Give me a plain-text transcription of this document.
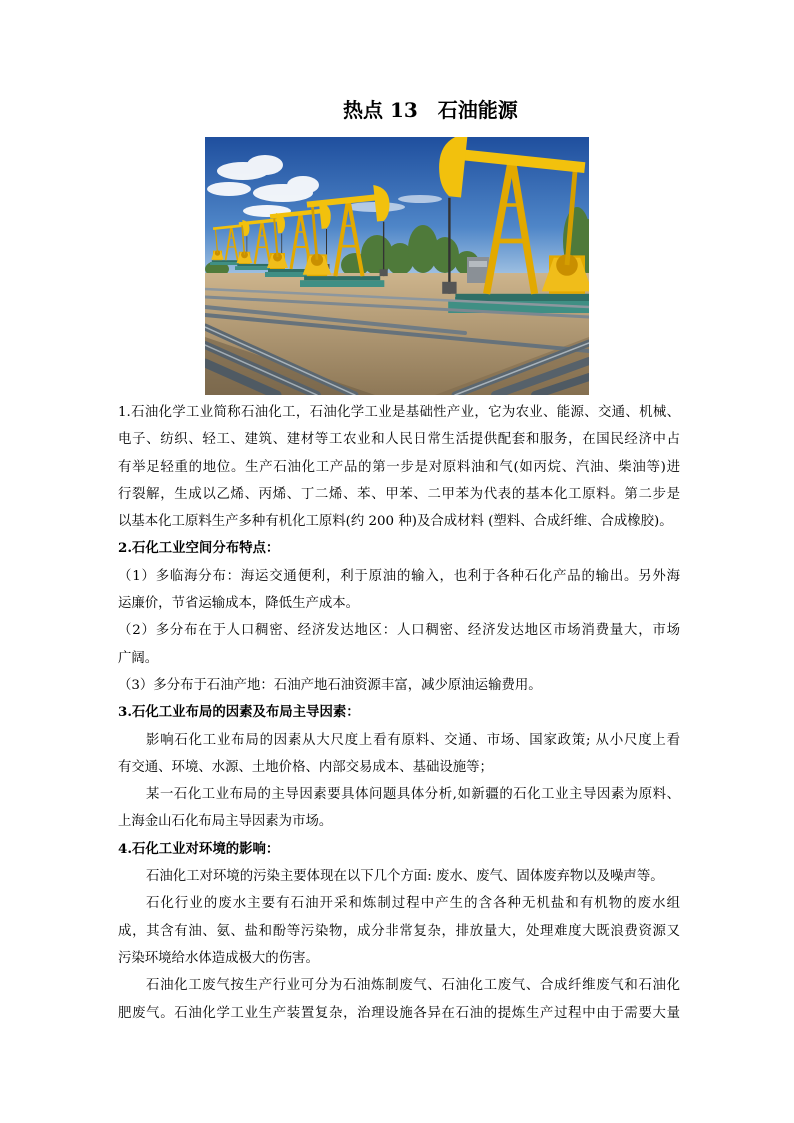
热点 13　石油能源
1.石油化学工业简称石油化工，石油化学工业是基础性产业，它为农业、能源、交通、机械、
电子、纺织、轻工、建筑、建材等工农业和人民日常生活提供配套和服务，在国民经济中占
有举足轻重的地位。生产石油化工产品的第一步是对原料油和气(如丙烷、汽油、柴油等)进
行裂解，生成以乙烯、丙烯、丁二烯、苯、甲苯、二甲苯为代表的基本化工原料。第二步是
以基本化工原料生产多种有机化工原料(约 200 种)及合成材料 (塑料、合成纤维、合成橡胶)。
2.石化工业空间分布特点：
（1）多临海分布：海运交通便利，利于原油的输入，也利于各种石化产品的输出。另外海
运廉价，节省运输成本，降低生产成本。
（2）多分布在于人口稠密、经济发达地区：人口稠密、经济发达地区市场消费量大，市场
广阔。
（3）多分布于石油产地：石油产地石油资源丰富，减少原油运输费用。
3.石化工业布局的因素及布局主导因素：
影响石化工业布局的因素从大尺度上看有原料、交通、市场、国家政策; 从小尺度上看
有交通、环境、水源、土地价格、内部交易成本、基础设施等；
某一石化工业布局的主导因素要具体问题具体分析,如新疆的石化工业主导因素为原料、
上海金山石化布局主导因素为市场。
4.石化工业对环境的影响：
石油化工对环境的污染主要体现在以下几个方面: 废水、废气、固体废弃物以及噪声等。
石化行业的废水主要有石油开采和炼制过程中产生的含各种无机盐和有机物的废水组
成，其含有油、氨、盐和酚等污染物，成分非常复杂，排放量大，处理难度大既浪费资源又
污染环境给水体造成极大的伤害。
石油化工废气按生产行业可分为石油炼制废气、石油化工废气、合成纤维废气和石油化
肥废气。石油化学工业生产装置复杂，治理设施各异在石油的提炼生产过程中由于需要大量
